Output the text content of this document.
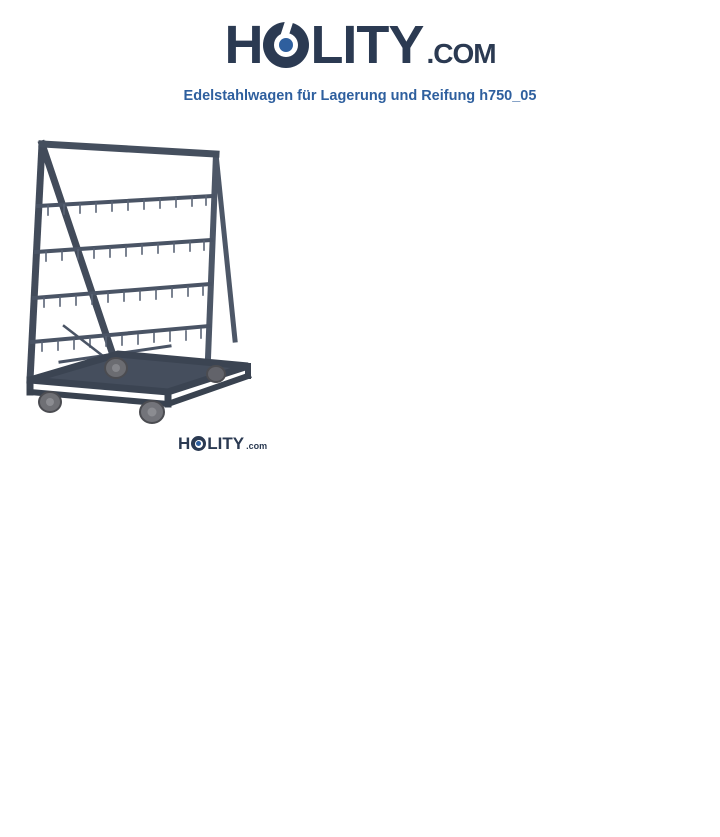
H LITY .COM
Edelstahlwagen für Lagerung und Reifung h750_05
H LITY .com
